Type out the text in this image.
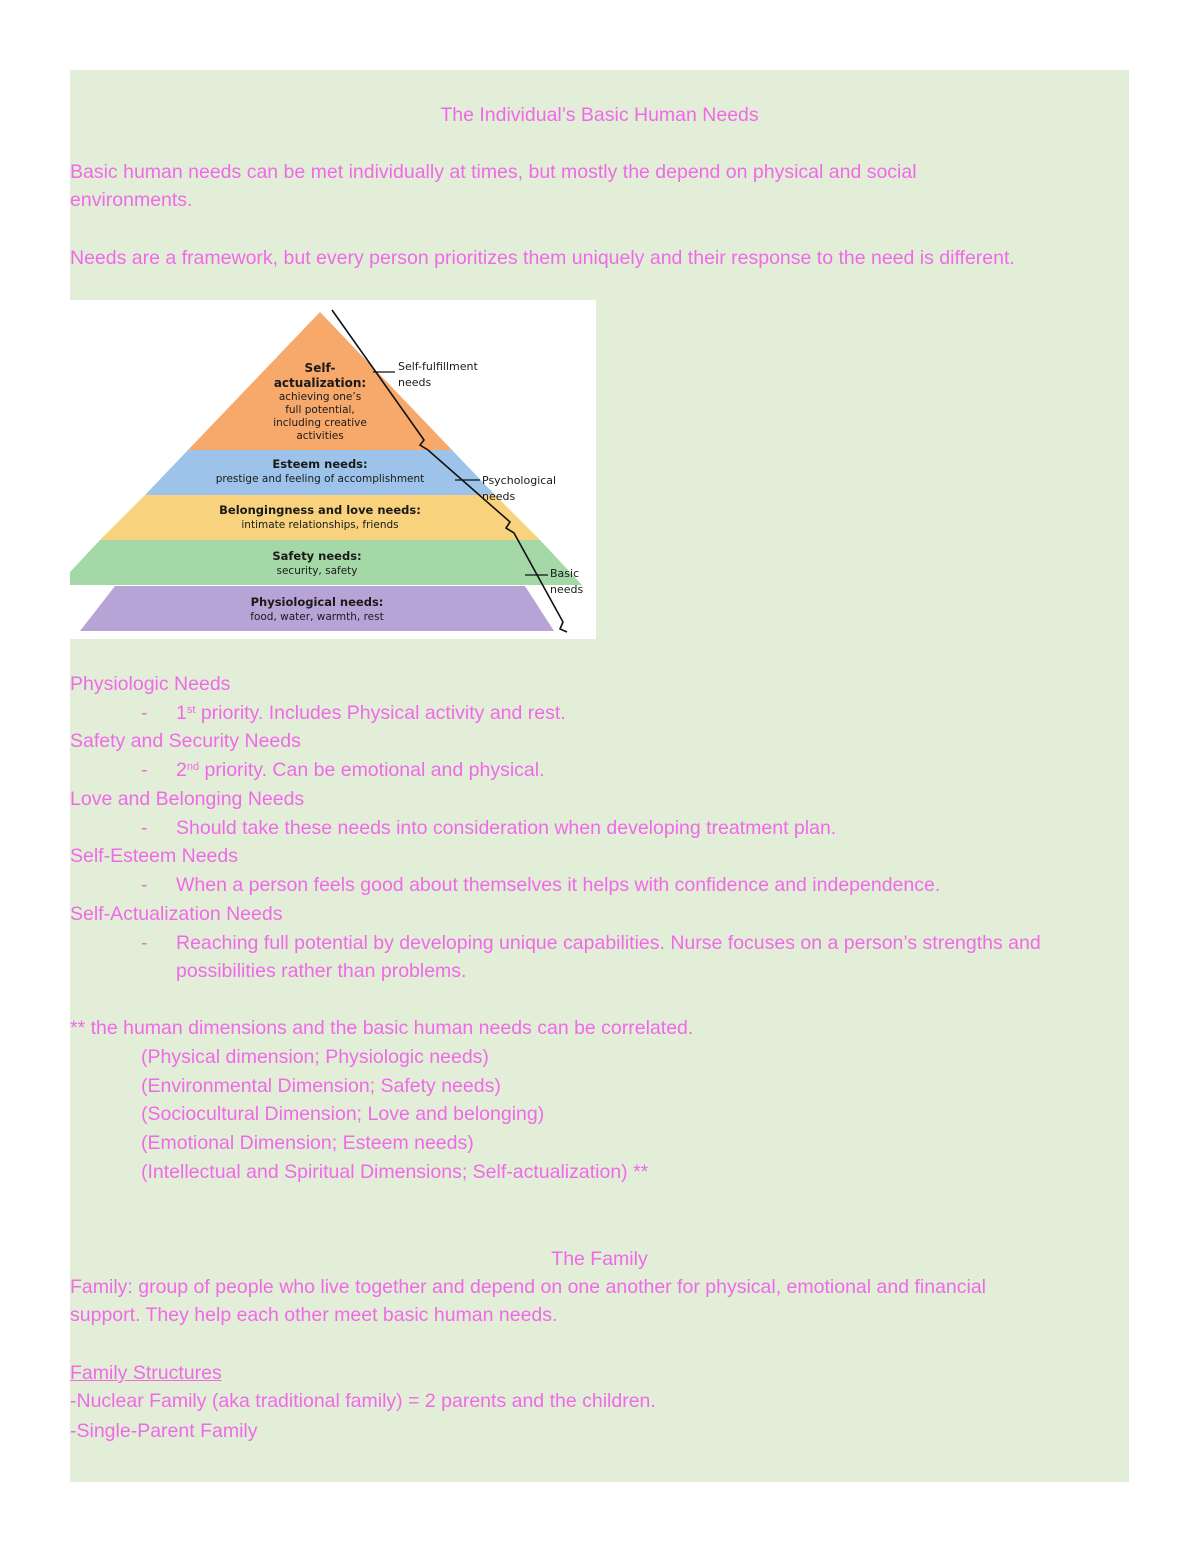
The Individual’s Basic Human Needs
Basic human needs can be met individually at times, but mostly the depend on physical and social environments.
Needs are a framework, but every person prioritizes them uniquely and their response to the need is different.
Self-
actualization:
achieving one’s
full potential,
including creative
activities
Esteem needs:
prestige and feeling of accomplishment
Belongingness and love needs:
intimate relationships, friends
Safety needs:
security, safety
Physiological needs:
food, water, warmth, rest
Self-fulfillment
needs
Psychological
needs
Basic
needs
Physiologic Needs
- 1st priority. Includes Physical activity and rest.
Safety and Security Needs
- 2nd priority. Can be emotional and physical.
Love and Belonging Needs
- Should take these needs into consideration when developing treatment plan.
Self-Esteem Needs
- When a person feels good about themselves it helps with confidence and independence.
Self-Actualization Needs
- Reaching full potential by developing unique capabilities. Nurse focuses on a person’s strengths and
possibilities rather than problems.
** the human dimensions and the basic human needs can be correlated.
(Physical dimension; Physiologic needs)
(Environmental Dimension; Safety needs)
(Sociocultural Dimension; Love and belonging)
(Emotional Dimension; Esteem needs)
(Intellectual and Spiritual Dimensions; Self-actualization) **
The Family
Family: group of people who live together and depend on one another for physical, emotional and financial
support. They help each other meet basic human needs.
Family Structures
-Nuclear Family (aka traditional family) = 2 parents and the children.
-Single-Parent Family
